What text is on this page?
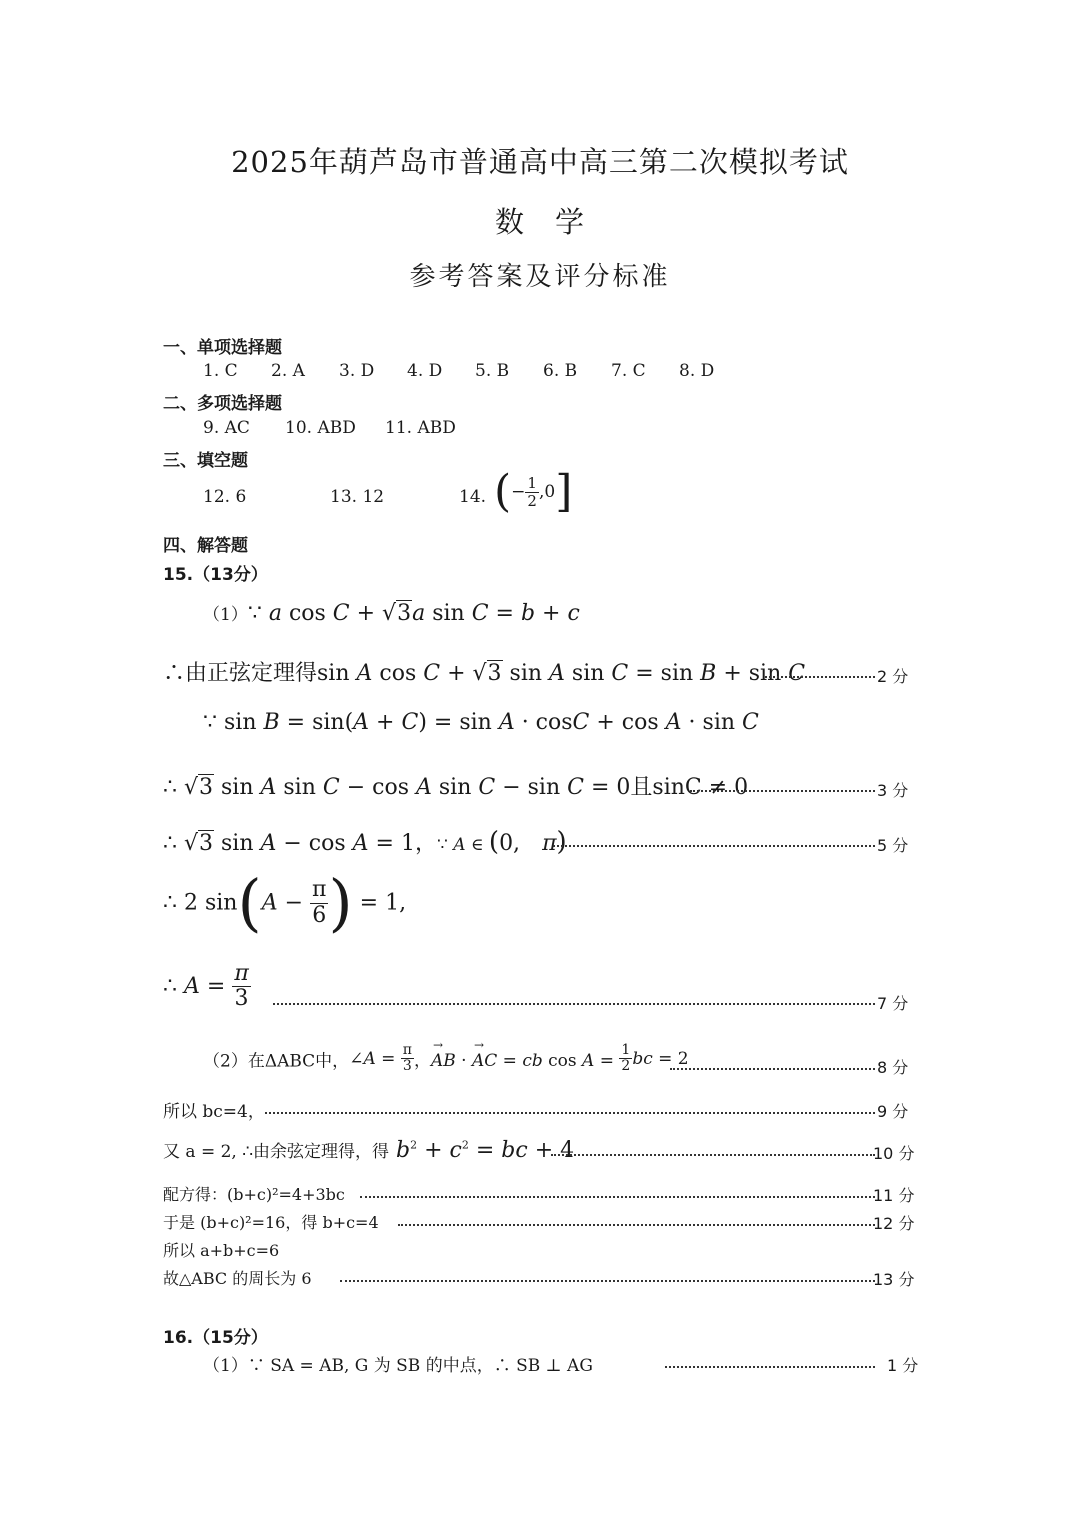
2025年葫芦岛市普通高中高三第二次模拟考试
数　学
参考答案及评分标准
一、单项选择题
1. C 2. A 3. D 4. D 5. B 6. B 7. C 8. D
二、多项选择题
9. AC 10. ABD 11. ABD
三、填空题
12. 6	13. 12	14. (− $\frac{1}{2} ,0$]
四、解答题
15.（13分）
（1）∵ a cos C + √3a sin C = b + c
∴由正弦定理得sin A cos C + √3 sin A sin C = sin B + sin C	2 分
∵ sin B = sin(A + C) = sin A · cosC + cos A · sin C
∴ √3 sin A sin C − cos A sin C − sin C = 0且sinC ≠ 0	3 分
∴ √3 sin A − cos A = 1，∵ A ∈ (0,　π)	5 分
∴ 2 $\sin(A - \frac{\pi}{6}$ ) = 1,
∴ $A = \frac{\pi}{3}$	7 分
（2）在ΔABC中，∠A = $\frac{\pi}{3}$ ，→ AB · → AC = cb $\cos A = \frac{1}{2}$ bc = 2	8 分
所以 bc=4，	9 分
又 a = 2, ∴由余弦定理得，得 $b^2 + c^2$ = bc + 4	10 分
配方得：(b+c)²=4+3bc	11 分
于是 (b+c)²=16，得 b+c=4	12 分
所以 a+b+c=6
故△ABC 的周长为 6	13 分
16.（15分）
（1）∵ SA = AB, G 为 SB 的中点，∴ SB ⊥ AG	1 分
